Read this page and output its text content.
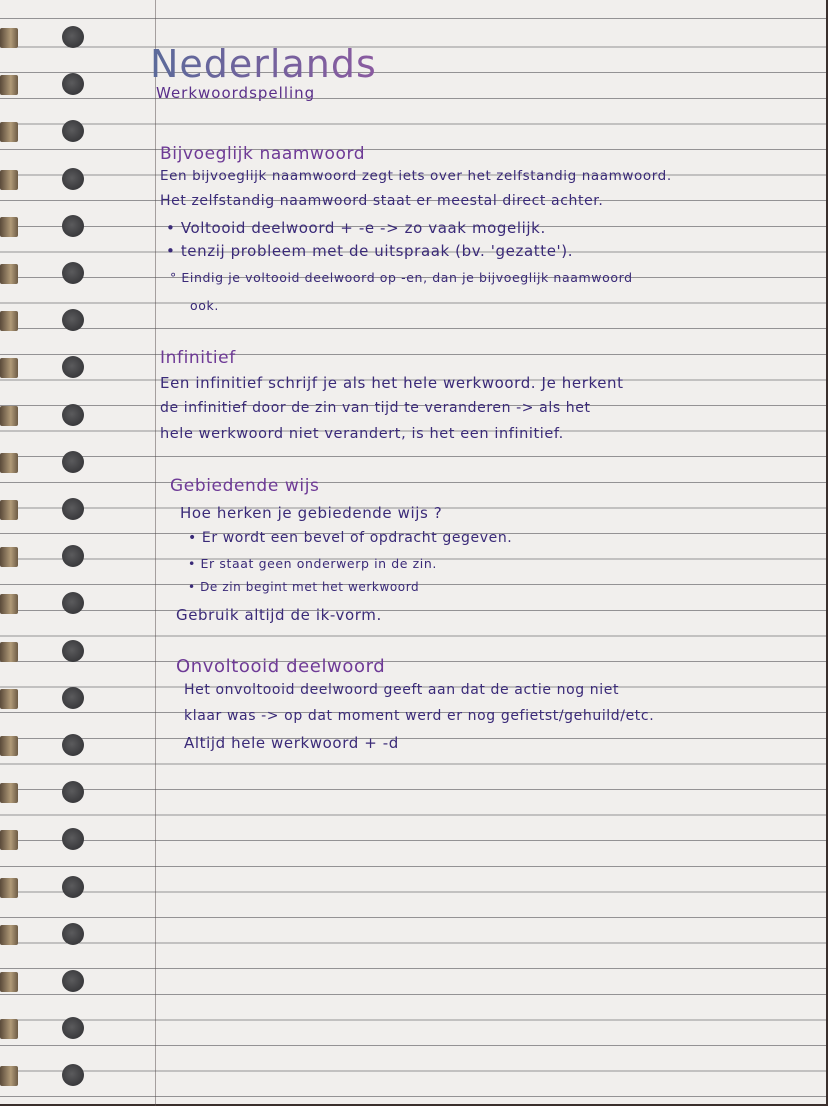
Nederlands
Werkwoordspelling
Bijvoeglijk naamwoord
Een bijvoeglijk naamwoord zegt iets over het zelfstandig naamwoord.
Het zelfstandig naamwoord staat er meestal direct achter.
• Voltooid deelwoord + -e -> zo vaak mogelijk.
• tenzij probleem met de uitspraak (bv. 'gezatte').
° Eindig je voltooid deelwoord op -en, dan je bijvoeglijk naamwoord
ook.
Infinitief
Een infinitief schrijf je als het hele werkwoord. Je herkent
de infinitief door de zin van tijd te veranderen -> als het
hele werkwoord niet verandert, is het een infinitief.
Gebiedende wijs
Hoe herken je gebiedende wijs ?
• Er wordt een bevel of opdracht gegeven.
• Er staat geen onderwerp in de zin.
• De zin begint met het werkwoord
Gebruik altijd de ik-vorm.
Onvoltooid deelwoord
Het onvoltooid deelwoord geeft aan dat de actie nog niet
klaar was -> op dat moment werd er nog gefietst/gehuild/etc.
Altijd hele werkwoord + -d
